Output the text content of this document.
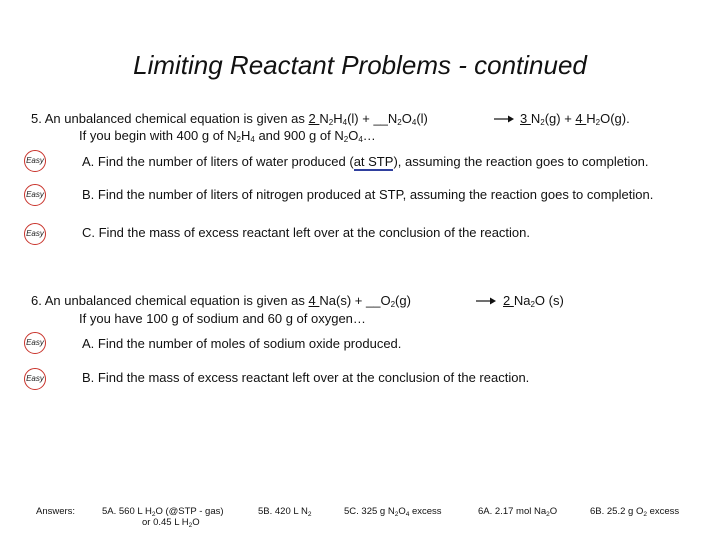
Limiting Reactant Problems - continued
5. An unbalanced chemical equation is given as 2 $N_2H_4(l)$ + $\_\_N_2O_4(l)$	→ 3 $N_2(g) + 4$ $H_2O(g)$.
If you begin with 400 g of $N_2H_4$ and 900 g of $N_2O_4\dots$
Easy	A. Find the number of liters of water produced (at STP), assuming the reaction goes to completion.
Easy	B. Find the number of liters of nitrogen produced at STP, assuming the reaction goes to completion.
Easy	C. Find the mass of excess reactant left over at the conclusion of the reaction.
6. An unbalanced chemical equation is given as 4 $Na(s) + \_\_O_2(g)$	→ 2 $Na_2O$ (s)
If you have 100 g of sodium and 60 g of oxygen…
Easy	A. Find the number of moles of sodium oxide produced.
Easy	B. Find the mass of excess reactant left over at the conclusion of the reaction.
Answers:	5A. 560 L $H_2O$ (@STP - gas)
or 0.45 L $H_2O$
5B. 420 L $N_2$	5C. 325 g $N_2O_4$ excess	6A. 2.17 mol $Na_2O$	6B. 25.2 g $O_2$ excess
